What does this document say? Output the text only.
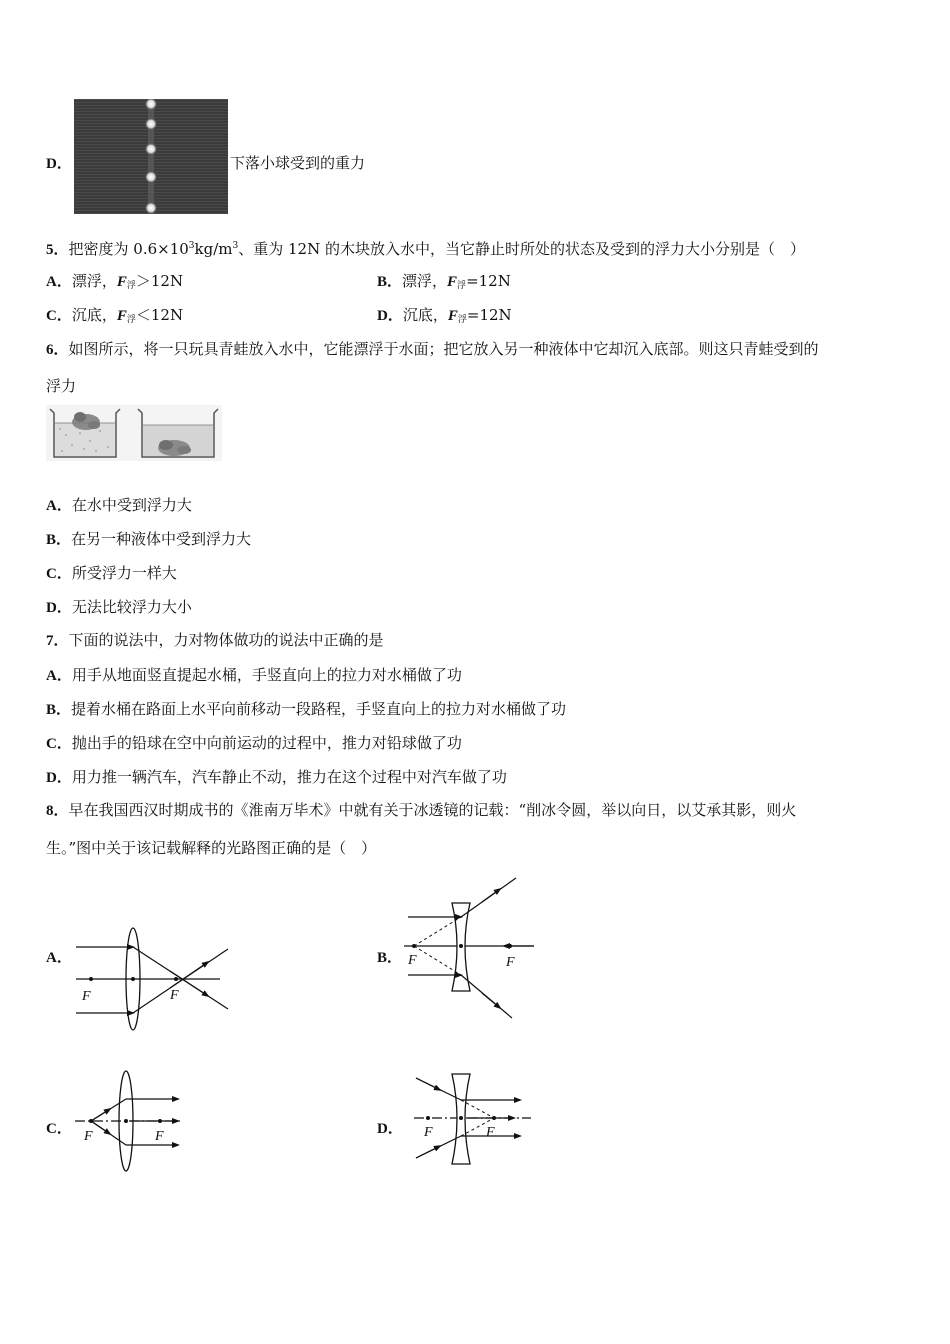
D．	下落小球受到的重力
5．把密度为 $0.6\times 10^3kg/m^3$、重为 12N 的木块放入水中，当它静止时所处的状态及受到的浮力大小分别是（　）
A．漂浮，$F_浮>12N$	B．漂浮，$F_浮=12N$
C．沉底，$F_浮<12N$	D．沉底，$F_浮=12N$
6．如图所示，将一只玩具青蛙放入水中，它能漂浮于水面；把它放入另一种液体中它却沉入底部。则这只青蛙受到的
浮力
A．在水中受到浮力大
B．在另一种液体中受到浮力大
C．所受浮力一样大
D．无法比较浮力大小
7．下面的说法中，力对物体做功的说法中正确的是
A．用手从地面竖直提起水桶，手竖直向上的拉力对水桶做了功
B．提着水桶在路面上水平向前移动一段路程，手竖直向上的拉力对水桶做了功
C．抛出手的铅球在空中向前运动的过程中，推力对铅球做了功
D．用力推一辆汽车，汽车静止不动，推力在这个过程中对汽车做了功
8．早在我国西汉时期成书的《淮南万毕术》中就有关于冰透镜的记载：“削冰令圆，举以向日，以艾承其影，则火
生。”图中关于该记载解释的光路图正确的是（　）
A．
F	F
B． F	F
C． F	F	D． F	F
